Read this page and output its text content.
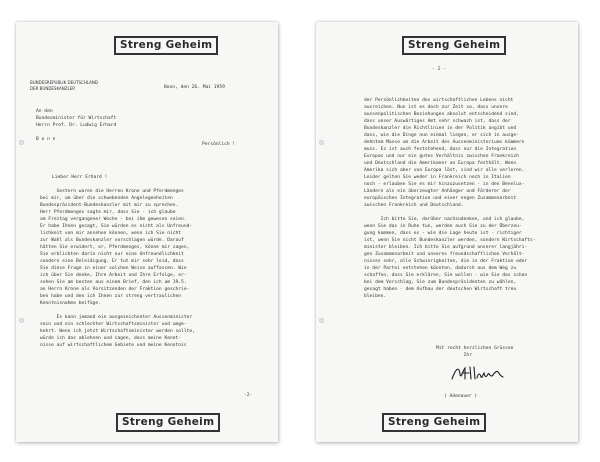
Streng Geheim
BUNDESREPUBLIK DEUTSCHLAND
DER BUNDESKANZLER	Bonn, den 26. Mai 1959
An den
Bundesminister für Wirtschaft
Herrn Prof. Dr. Ludwig Erhard

B o n n
Persönlich !
Lieber Herr Erhard !
Gestern waren die Herren Krone und Pferdmenges
bei mir, um über die schwebenden Angelegenheiten
Bundespräsident-Bundeskanzler mit mir zu sprechen.
Herr Pferdmenges sagte mir, dass Sie - ich glaube
am Freitag vergangener Woche - bei ihm gewesen seien.
Er habe Ihnen gesagt, Sie würden es nicht als Unfreund-
lichkeit von mir ansehen können, wenn ich Sie nicht
zur Wahl als Bundeskanzler vorschlagen würde. Darauf
hätten Sie erwidert, er, Pferdmenges, könne mir sagen,
Sie erblickten darin nicht nur eine Unfreundlichkeit
sondern eine Beleidigung. Er tut mir sehr leid, dass
Sie diese Frage in einer solchen Weise auffassen. Wie
ich über Sie denke, Ihre Arbeit und Ihre Erfolge, er-
sehen Sie am besten aus einem Brief, den ich am 19.5.
an Herrn Krone als Vorsitzenden der Fraktion geschrie-
ben habe und den ich Ihnen zur streng vertraulichen
Kenntnisnahme beifüge.

Es kann jemand ein ausgezeichneter Aussenminister
sein und ein schlechter Wirtschaftsminister und umge-
kehrt. Wenn ich jetzt Wirtschaftsminister werden sollte,
würde ich das ablehnen und sagen, dass meine Kennt-
nisse auf wirtschaftlichem Gebiete und meine Kenntnis
-2-
Streng Geheim
Streng Geheim
- 2 -
der Persönlichkeiten des wirtschaftlichen Lebens nicht
ausreichen. Nun ist es doch zur Zeit so, dass unsere
aussenpolitischen Beziehungen absolut entscheidend sind,
dass unser Auswärtiges Amt sehr schwach ist, dass der
Bundeskanzler die Richtlinien in der Politik angibt und
dass, wie die Dinge nun einmal liegen, er sich in ausge-
dehntem Masse um die Arbeit des Aussenministeriums kümmern
muss. Es ist auch feststehend, dass nur die Integration
Europas und nur ein gutes Verhältnis zwischen Frankreich
und Deutschland die Amerikaner an Europa festhält. Wenn
Amerika sich aber von Europa löst, sind wir alle verloren.
Leider gelten Sie weder in Frankreich noch in Italien
noch - erlauben Sie es mir hinzuzusetzen - in den Benelux-
Ländern als ein überzeugter Anhänger und Förderer der
europäischen Integration und einer engen Zusammenarbeit
zwischen Frankreich und Deutschland.

Ich bitte Sie, darüber nachzudenken, und ich glaube,
wenn Sie das in Ruhe tun, werden auch Sie zu der Überzeu-
gung kommen, dass es - wie die Lage heute ist - richtiger
ist, wenn Sie nicht Bundeskanzler werden, sondern Wirtschafts-
minister bleiben. Ich bitte Sie aufgrund unserer langjähri-
gen Zusammenarbeit und unseres freundschaftlichen Verhält-
nisses sehr, alle Schwierigkeiten, die in der Fraktion oder
in der Partei entstehen könnten, dadurch aus dem Weg zu
schaffen, dass Sie erklären, Sie wollen - wie Sie das schon
bei dem Vorschlag, Sie zum Bundespräsidenten zu wählen,
gesagt haben - dem Aufbau der deutschen Wirtschaft treu
bleiben.
Mit recht herzlichen Grüssen
Ihr
( Adenauer )
Streng Geheim
